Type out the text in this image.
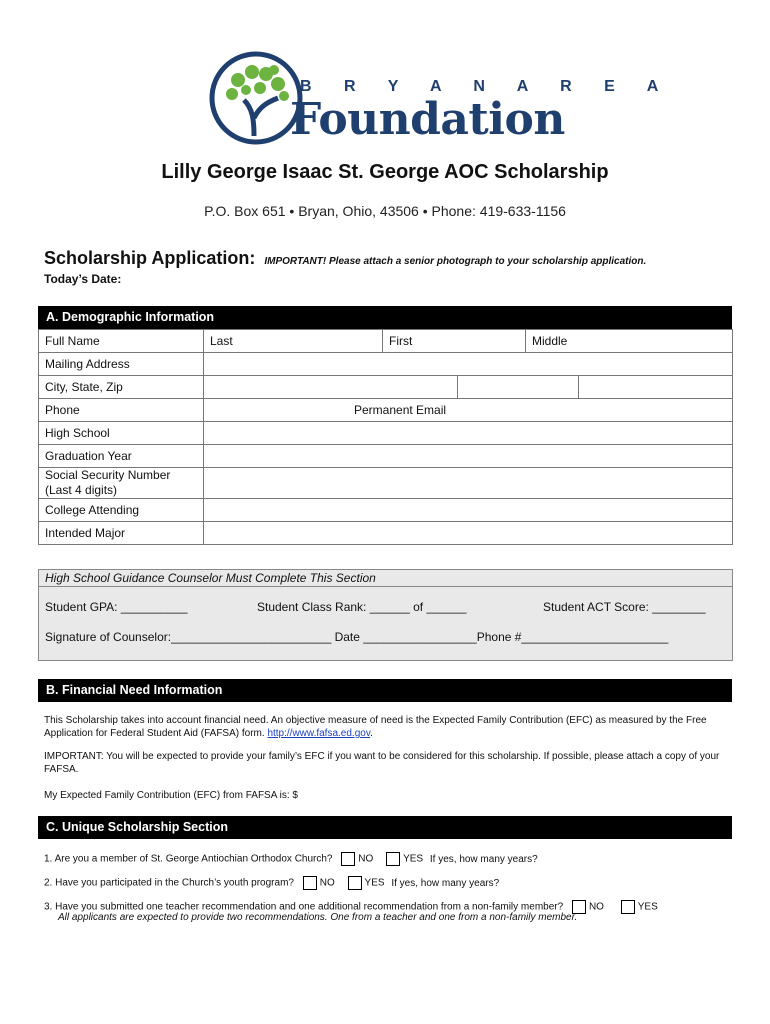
B R Y A N A R E A
Foundation
Lilly George Isaac St. George AOC Scholarship
P.O. Box 651 • Bryan, Ohio, 43506 • Phone: 419-633-1156
Scholarship Application: IMPORTANT! Please attach a senior photograph to your scholarship application.
Today’s Date:
A. Demographic Information
Full Name	Last	First	Middle
Mailing Address			
City, State, Zip			

Phone	Permanent Email		
High School			
Graduation Year			
Social Security Number
(Last 4 digits)			
College Attending			
Intended Major			
High School Guidance Counselor Must Complete This Section
Student GPA: __________	Student Class Rank: ______ of ______	Student ACT Score: ________
Signature of Counselor:________________________ Date _________________Phone #______________________
B. Financial Need Information

This Scholarship takes into account financial need. An objective measure of need is the Expected Family Contribution (EFC) as measured by the Free Application for Federal Student Aid (FAFSA) form. http://www.fafsa.ed.gov.

IMPORTANT: You will be expected to provide your family’s EFC if you want to be considered for this scholarship. If possible, please attach a copy of your FAFSA.

My Expected Family Contribution (EFC) from FAFSA is: $

C. Unique Scholarship Section
1. Are you a member of St. George Antiochian Orthodox Church?	NO	YES If yes, how many years?
2. Have you participated in the Church’s youth program?	NO	YES If yes, how many years?
3. Have you submitted one teacher recommendation and one additional recommendation from a non-family member?	NO	YES
All applicants are expected to provide two recommendations. One from a teacher and one from a non-family member.
